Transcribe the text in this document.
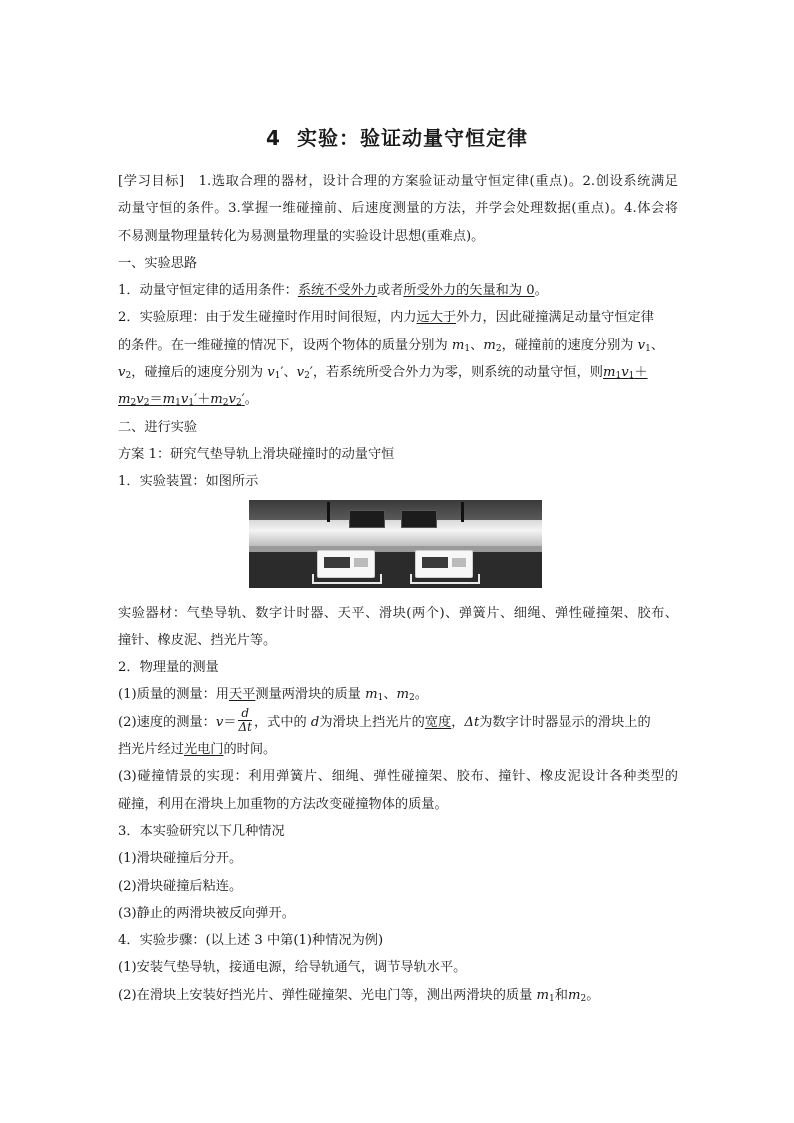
4 实验：验证动量守恒定律
[学习目标]　1.选取合理的器材，设计合理的方案验证动量守恒定律(重点)。2.创设系统满足
动量守恒的条件。3.掌握一维碰撞前、后速度测量的方法，并学会处理数据(重点)。4.体会将
不易测量物理量转化为易测量物理量的实验设计思想(重难点)。
一、实验思路
1．动量守恒定律的适用条件：系统不受外力或者所受外力的矢量和为 0。
2．实验原理：由于发生碰撞时作用时间很短，内力远大于外力，因此碰撞满足动量守恒定律
的条件。在一维碰撞的情况下，设两个物体的质量分别为 $m_1$、$m_2$，碰撞前的速度分别为 $v_1$、
$v_2$，碰撞后的速度分别为 $v_1'$、$v_2'$，若系统所受合外力为零，则系统的动量守恒，则$m_1v_1+$
$m_2v_2=m_1v_1'+m_2v_2'$。
二、进行实验
方案 1：研究气垫导轨上滑块碰撞时的动量守恒
1．实验装置：如图所示
实验器材：气垫导轨、数字计时器、天平、滑块(两个)、弹簧片、细绳、弹性碰撞架、胶布、
撞针、橡皮泥、挡光片等。
2．物理量的测量
(1)质量的测量：用天平测量两滑块的质量 $m_1$、$m_2$。
(2)速度的测量：$v= \frac{d}{\Delta t}$ ，式中的 d为滑块上挡光片的宽度，Δt为数字计时器显示的滑块上的
挡光片经过光电门的时间。
(3)碰撞情景的实现：利用弹簧片、细绳、弹性碰撞架、胶布、撞针、橡皮泥设计各种类型的
碰撞，利用在滑块上加重物的方法改变碰撞物体的质量。
3．本实验研究以下几种情况
(1)滑块碰撞后分开。
(2)滑块碰撞后粘连。
(3)静止的两滑块被反向弹开。
4．实验步骤：(以上述 3 中第(1)种情况为例)
(1)安装气垫导轨，接通电源，给导轨通气，调节导轨水平。
(2)在滑块上安装好挡光片、弹性碰撞架、光电门等，测出两滑块的质量 $m_1$和$m_2$。
